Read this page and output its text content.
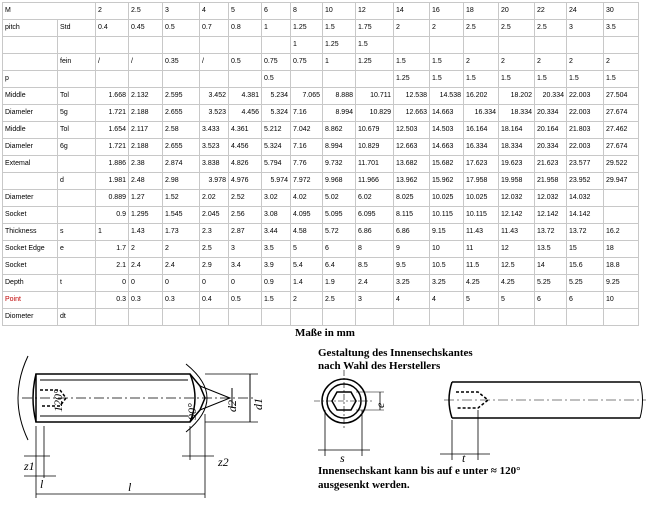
M		2	2.5	3	4	5	6	8	10	12	14	16	18	20	22	24	30
pitch	Std	0.4	0.45	0.5	0.7	0.8	1	1.25	1.5	1.75	2	2	2.5	2.5	2.5	3	3.5
								1	1.25	1.5							
	fein	/	/	0.35	/	0.5	0.75	0.75	1	1.25	1.5	1.5	2	2	2	2	2
p							0.5				1.25	1.5	1.5	1.5	1.5	1.5	1.5
Middle	Tol	1.668	2.132	2.595	3.452	4.381	5.234	7.065	8.888	10.711	12.538	14.538	16.202	18.202	20.334	22.003	27.504
Diameler	5g	1.721	2.188	2.655	3.523	4.456	5.324	7.16	8.994	10.829	12.663	14.663	16.334	18.334	20.334	22.003	27.674
Middle	Tol	1.654	2.117	2.58	3.433	4.361	5.212	7.042	8.862	10.679	12.503	14.503	16.164	18.164	20.164	21.803	27.462
Diameler	6g	1.721	2.188	2.655	3.523	4.456	5.324	7.16	8.994	10.829	12.663	14.663	16.334	18.334	20.334	22.003	27.674
Extemal		1.886	2.38	2.874	3.838	4.826	5.794	7.76	9.732	11.701	13.682	15.682	17.623	19.623	21.623	23.577	29.522
	d	1.981	2.48	2.98	3.978	4.976	5.974	7.972	9.968	11.966	13.962	15.962	17.958	19.958	21.958	23.952	29.947
Diameter		0.889	1.27	1.52	2.02	2.52	3.02	4.02	5.02	6.02	8.025	10.025	10.025	12.032	12.032	14.032	
Socket		0.9	1.295	1.545	2.045	2.56	3.08	4.095	5.095	6.095	8.115	10.115	10.115	12.142	12.142	14.142	
Thickness	s	1	1.43	1.73	2.3	2.87	3.44	4.58	5.72	6.86	6.86	9.15	11.43	11.43	13.72	13.72	16.2
Socket Edge	e	1.7	2	2	2.5	3	3.5	5	6	8	9	10	11	12	13.5	15	18
Socket		2.1	2.4	2.4	2.9	3.4	3.9	5.4	6.4	8.5	9.5	10.5	11.5	12.5	14	15.6	18.8
Depth	t	0	0	0	0	0	0.9	1.4	1.9	2.4	3.25	3.25	4.25	4.25	5.25	5.25	9.25
Point		0.3	0.3	0.3	0.4	0.5	1.5	2	2.5	3	4	4	5	5	6	6	10
Diometer	dt																
Maße in mm
120°	90° d2 d1
z1
l
z2
l
s
e
t
Gestaltung des Innensechskantes
nach Wahl des Herstellers
Innensechskant kann bis auf e unter ≈ 120°
ausgesenkt werden.
